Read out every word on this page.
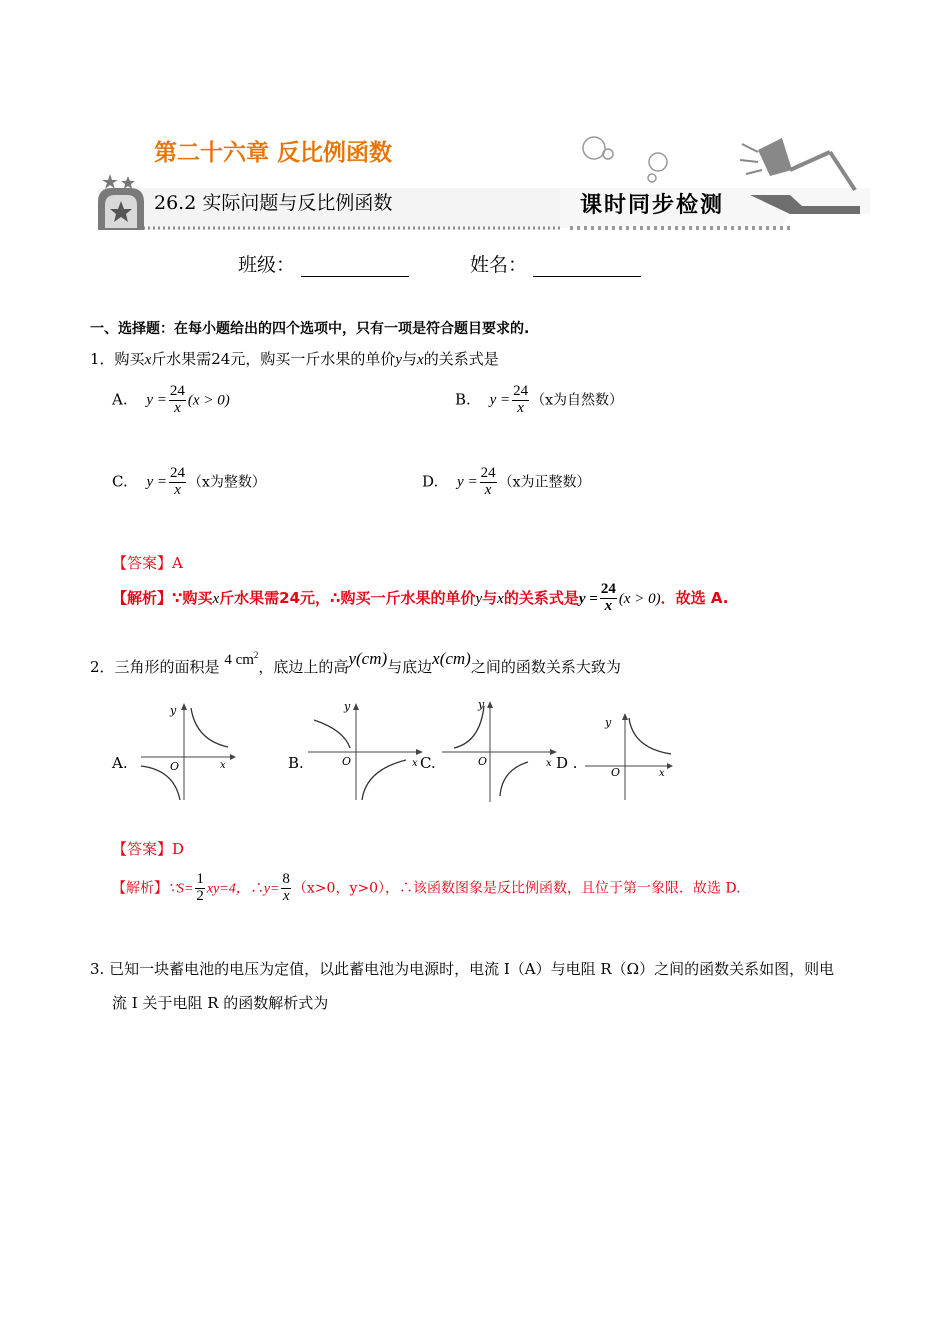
第二十六章 反比例函数
26.2 实际问题与反比例函数	课时同步检测
班级：	姓名：
一、选择题：在每小题给出的四个选项中，只有一项是符合题目要求的.
1．购买x斤水果需24元，购买一斤水果的单价y与x的关系式是
A. $y = \frac{24}{x} (x > 0)$	B. $y = \frac{24}{x} (x$为自然数）
C. $y = \frac{24}{x} (x$为整数）	D. $y = \frac{24}{x} (x$为正整数）
【答案】A
【解析】∵购买x斤水果需24元，∴购买一斤水果的单价y与x的关系式是$y = \frac{24}{x} (x > 0)$．故选 A.
2．三角形的面积是 4 $cm^2$，底边上的高y(cm)与底边x(cm)之间的函数关系大致为
A.
y
x
O	B.
y
x
O	C.
y
x
O	D .
y
x
O
【答案】D
【解析】∵S= $\frac{1}{2} xy=4$，∴y= $\frac{8}{x} (x>0$，y>0），∴该函数图象是反比例函数，且位于第一象限．故选 D.
3. 已知一块蓄电池的电压为定值，以此蓄电池为电源时，电流 I（A）与电阻 R（Ω）之间的函数关系如图，则电
流 I 关于电阻 R 的函数解析式为
